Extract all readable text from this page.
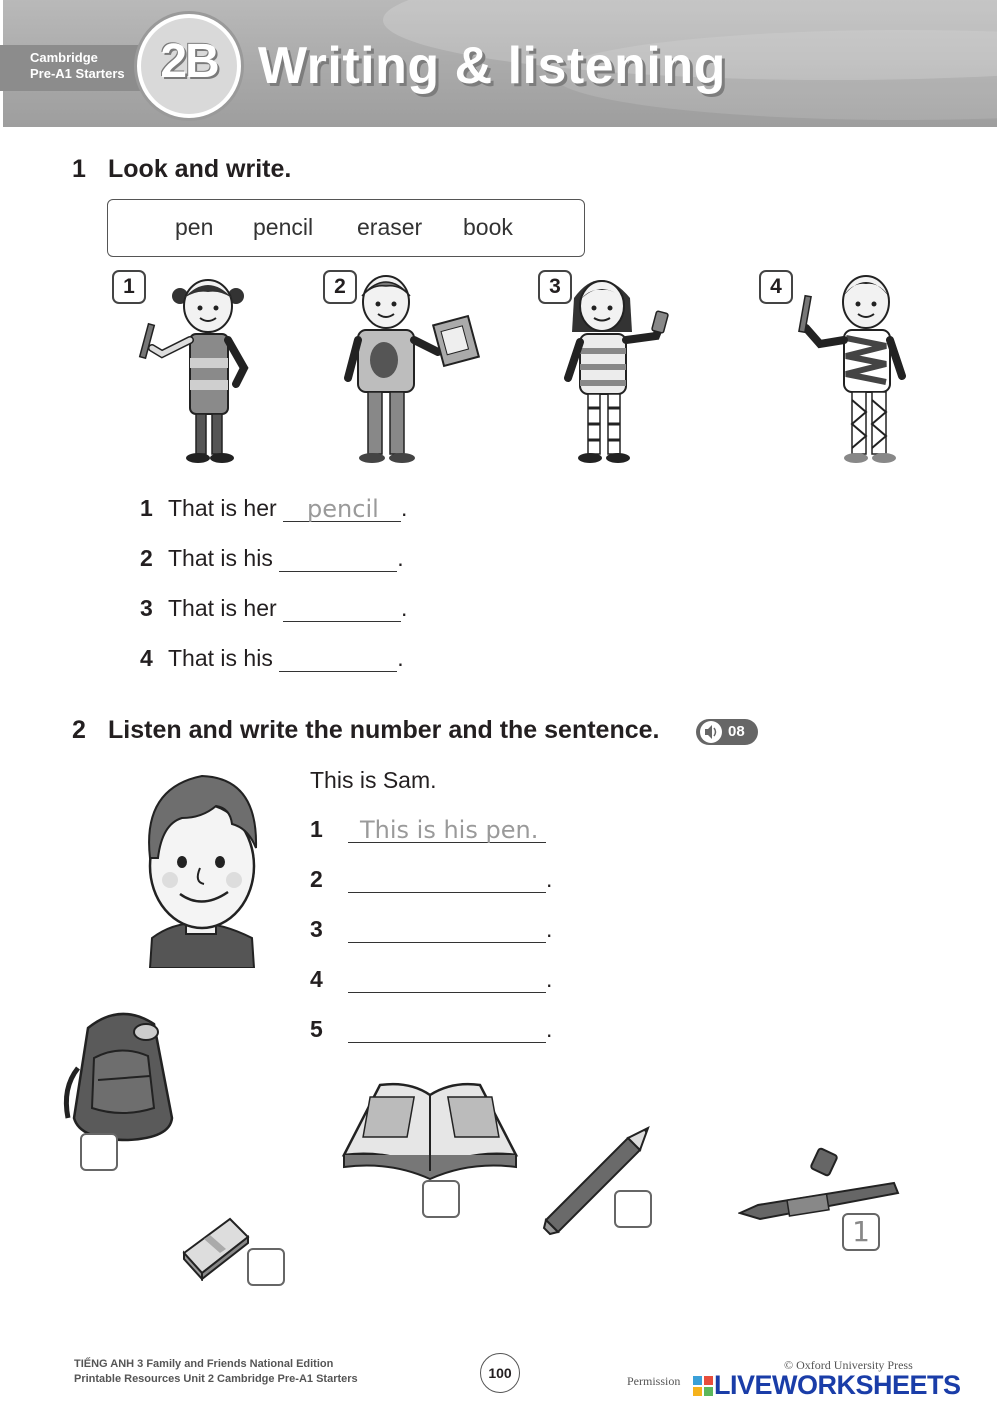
Cambridge
Pre-A1 Starters 2B Writing & listening
1 Look and write.
pen pencil eraser book
1	2	3	4
1 That is her pencil .
2 That is his	.
3 That is her	.
4 That is his	.
2 Listen and write the number and the sentence.	08
This is Sam.
1 This is his pen.
2	.
3	.
4	.
5	.
1
TIẾNG ANH 3 Family and Friends National Edition
Printable Resources Unit 2 Cambridge Pre-A1 Starters	100	© Oxford University Press
Permission LIVEWORKSHEETS
